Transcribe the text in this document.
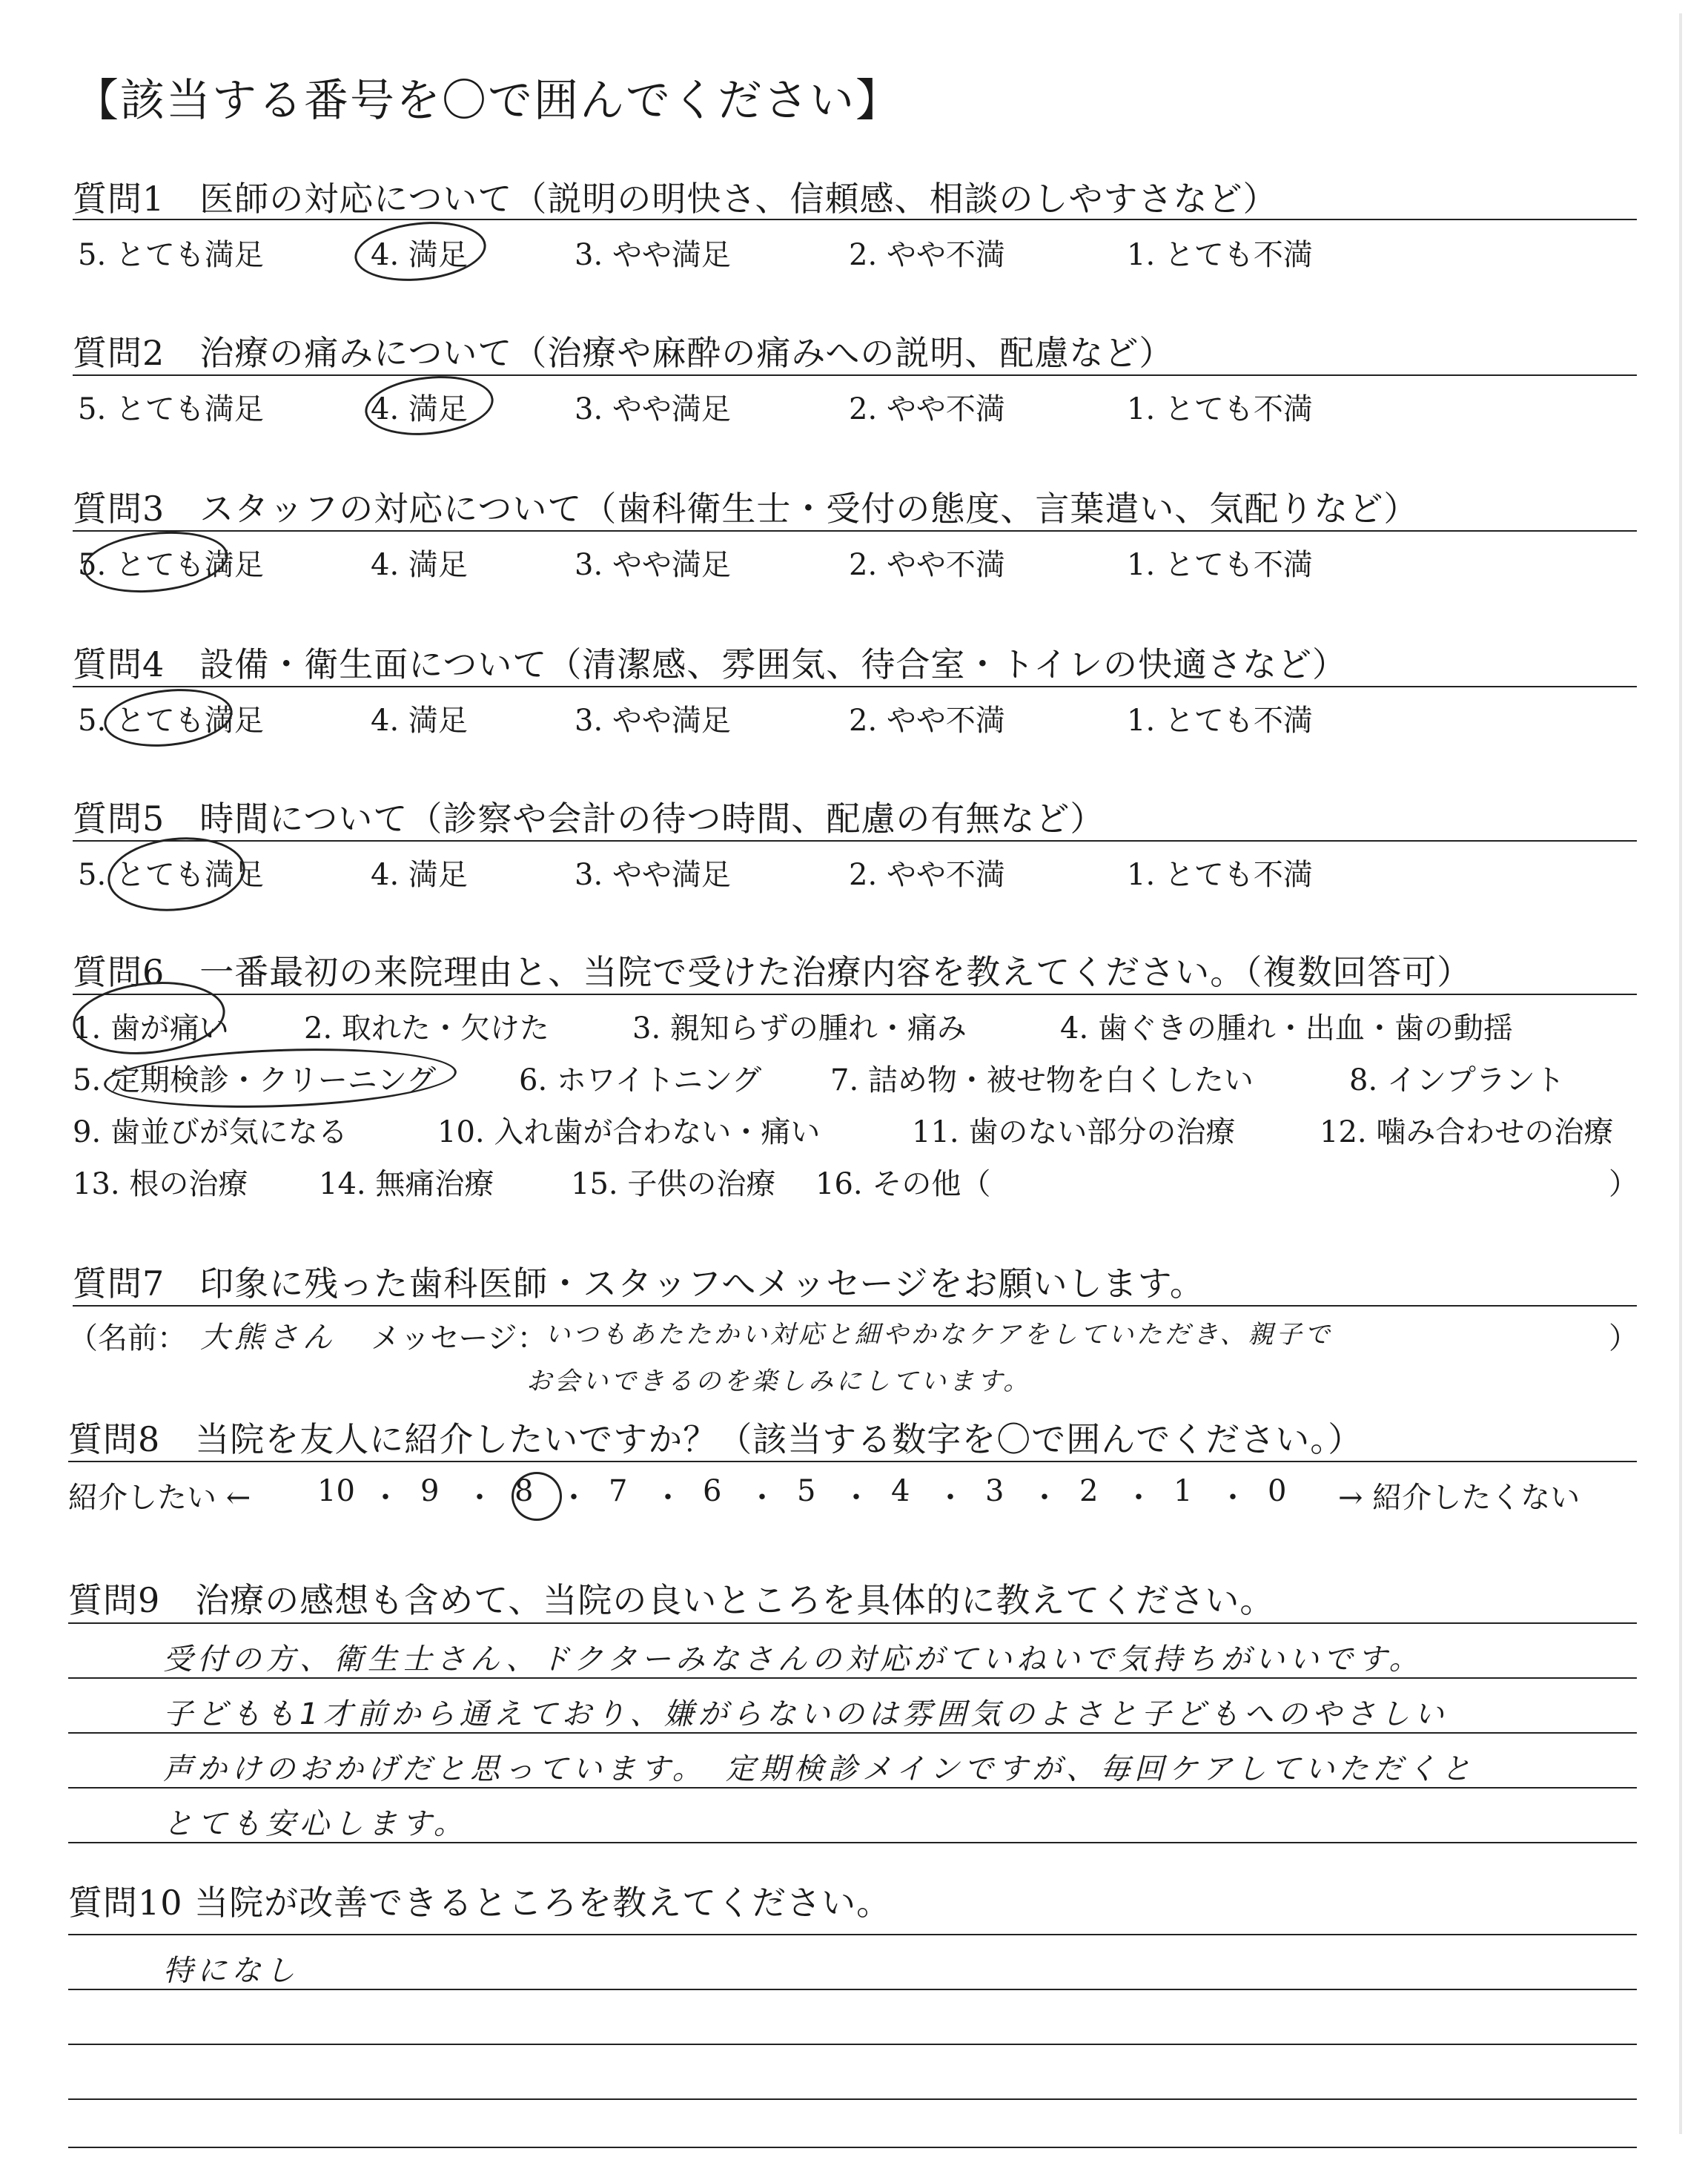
【該当する番号を〇で囲んでください】
質問1　医師の対応について（説明の明快さ、信頼感、相談のしやすさなど）
5. とても満足	4. 満足	3. やや満足	2. やや不満	1. とても不満
質問2　治療の痛みについて（治療や麻酔の痛みへの説明、配慮など）
5. とても満足	4. 満足	3. やや満足	2. やや不満	1. とても不満
質問3　スタッフの対応について（歯科衛生士・受付の態度、言葉遣い、気配りなど）
5. とても満足	4. 満足	3. やや満足	2. やや不満	1. とても不満
質問4　設備・衛生面について（清潔感、雰囲気、待合室・トイレの快適さなど）
5. とても満足	4. 満足	3. やや満足	2. やや不満	1. とても不満
質問5　時間について（診察や会計の待つ時間、配慮の有無など）
5. とても満足	4. 満足	3. やや満足	2. やや不満	1. とても不満
質問6　一番最初の来院理由と、当院で受けた治療内容を教えてください。（複数回答可）
1. 歯が痛い	2. 取れた・欠けた	3. 親知らずの腫れ・痛み	4. 歯ぐきの腫れ・出血・歯の動揺
5. 定期検診・クリーニング	6. ホワイトニング 7. 詰め物・被せ物を白くしたい	8. インプラント
9. 歯並びが気になる	10. 入れ歯が合わない・痛い	11. 歯のない部分の治療	12. 噛み合わせの治療
13. 根の治療 14. 無痛治療	15. 子供の治療 16. その他（	）
質問7　印象に残った歯科医師・スタッフへメッセージをお願いします。
（名前： 大熊さん メッセージ：
いつもあたたかい対応と細やかなケアをしていただき、親子で	）
お会いできるのを楽しみにしています。
質問8　当院を友人に紹介したいですか？（該当する数字を〇で囲んでください。）
紹介したい ←	→ 紹介したくない
10 ・ 9 ・ 8 ・ 7 ・ 6 ・ 5 ・ 4 ・ 3 ・ 2 ・ 1 ・ 0
質問9　治療の感想も含めて、当院の良いところを具体的に教えてください。
受付の方、衛生士さん、ドクターみなさんの対応がていねいで気持ちがいいです。
子どもも1才前から通えており、嫌がらないのは雰囲気のよさと子どもへのやさしい
声かけのおかげだと思っています。　定期検診メインですが、毎回ケアしていただくと
とても安心します。
質問10 当院が改善できるところを教えてください。
特になし
